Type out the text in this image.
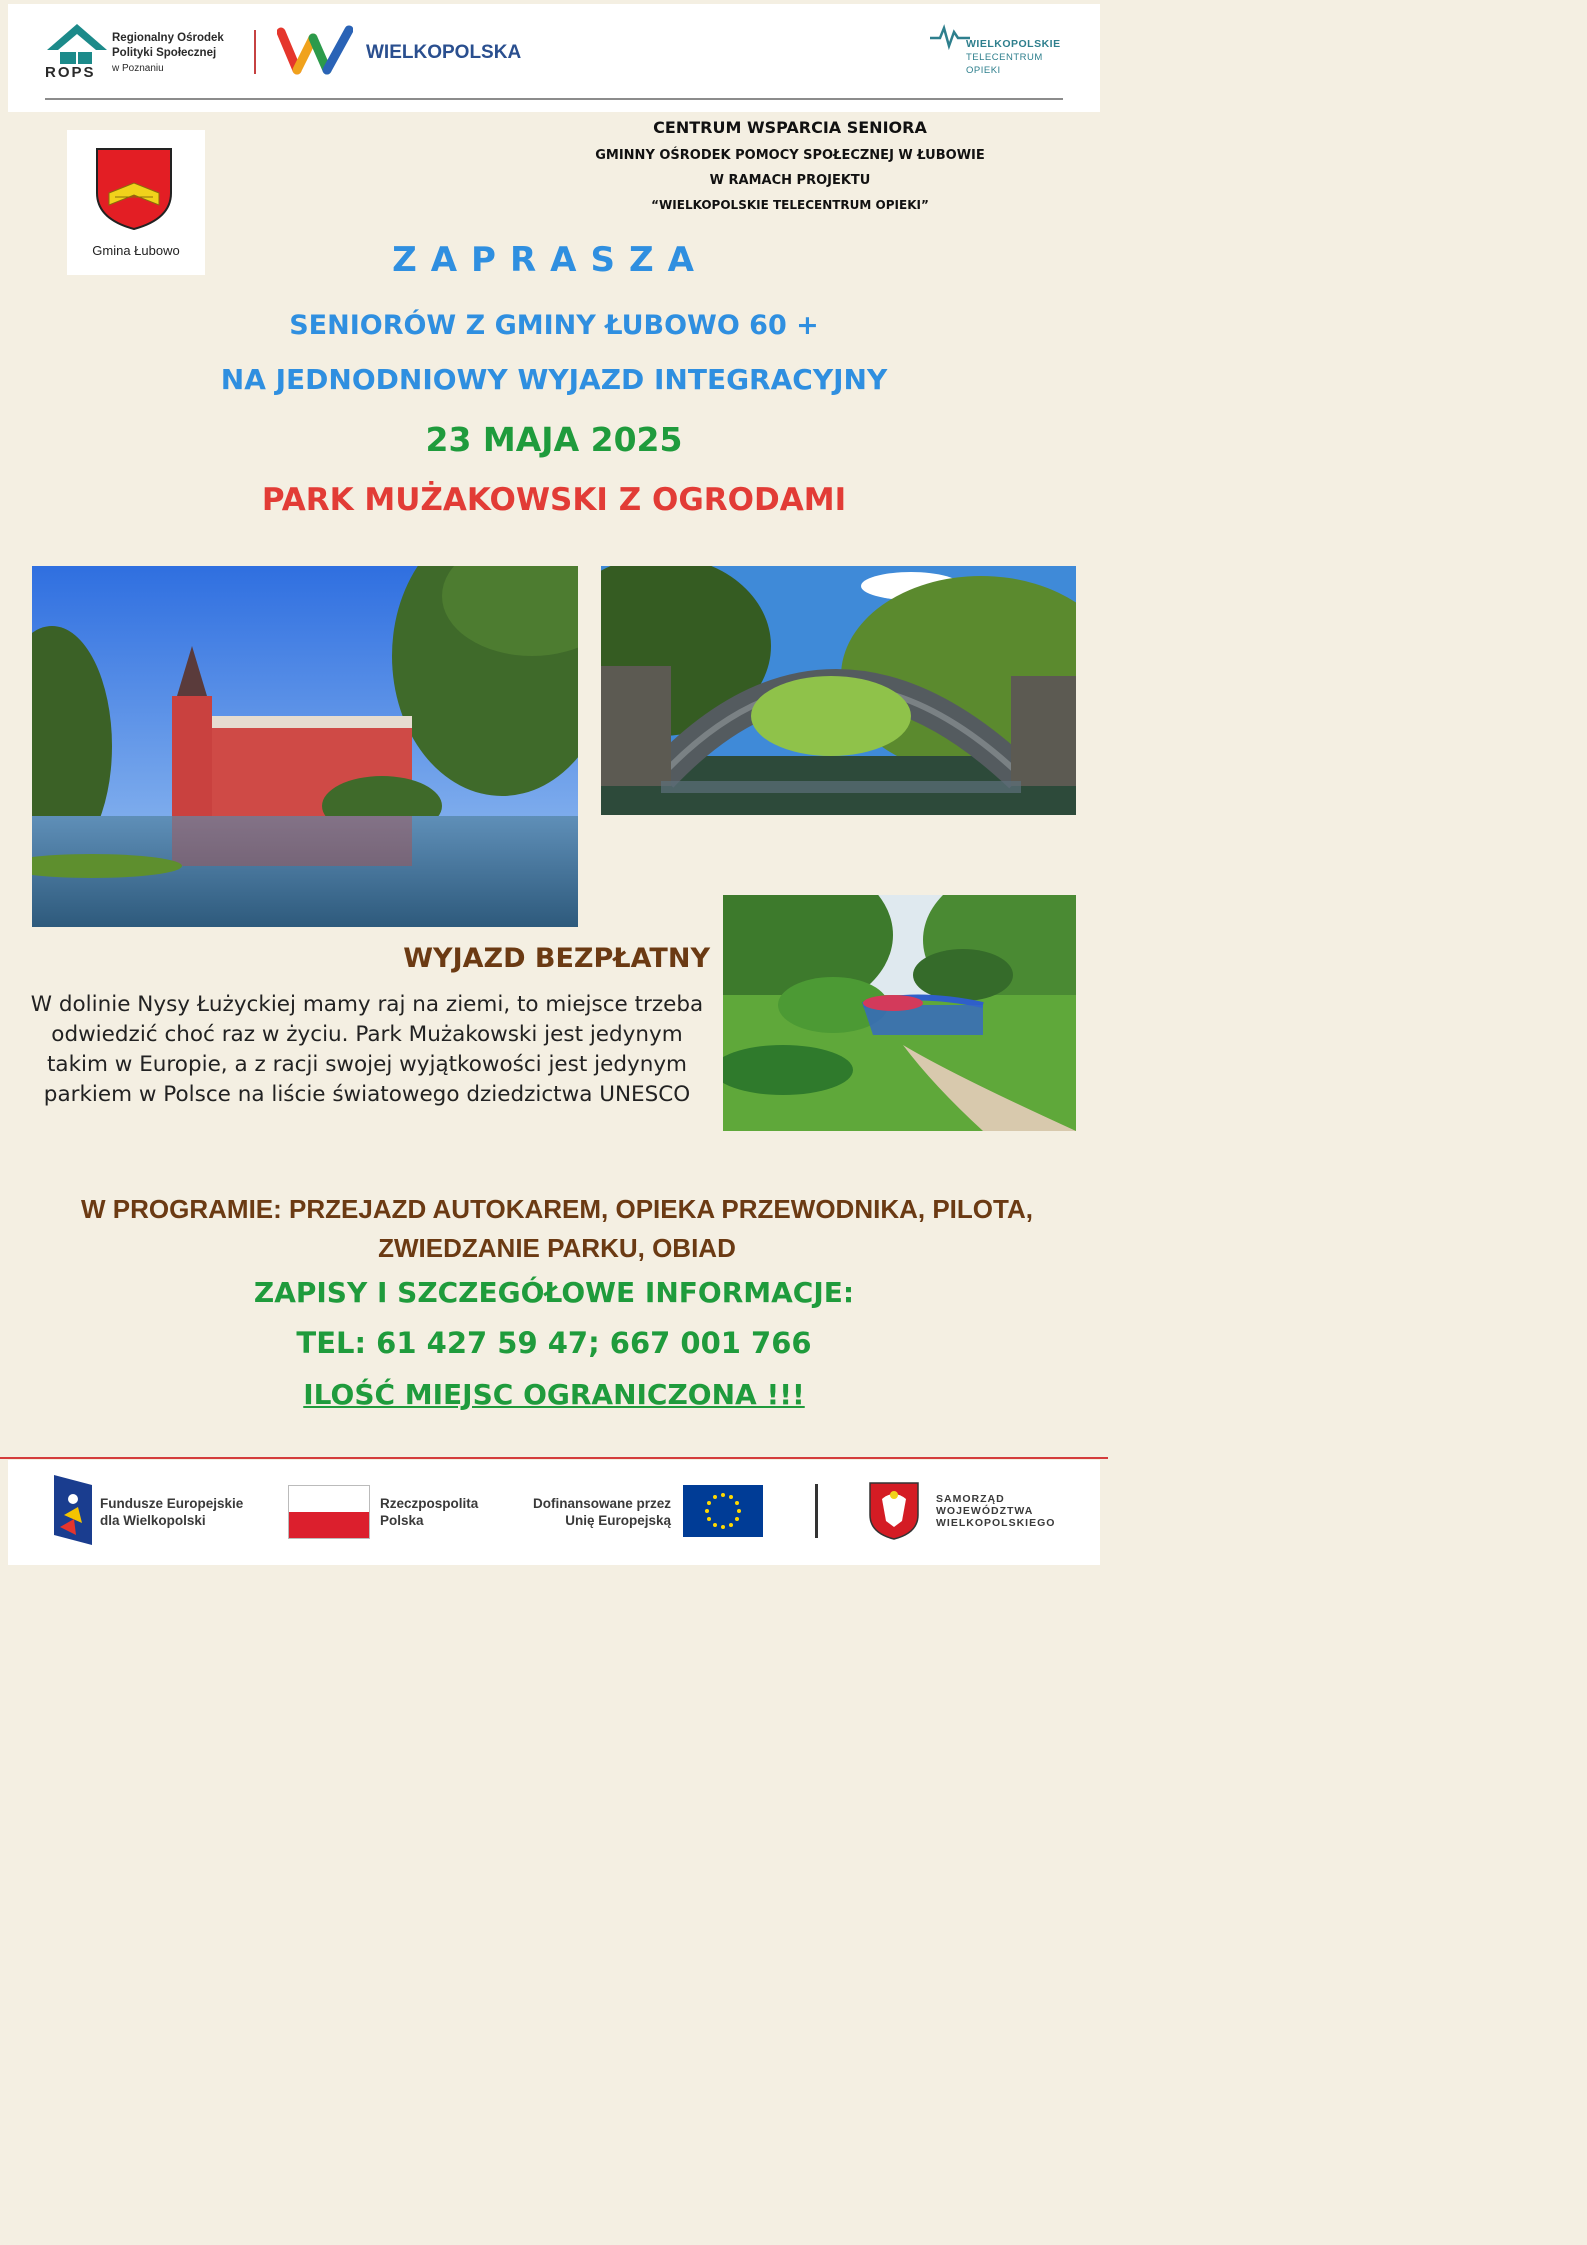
ROPS
Regionalny Ośrodek
Polityki Społecznej
w Poznaniu
WIELKOPOLSKA	WIELKOPOLSKIE
TELECENTRUM
OPIEKI
Gmina Łubowo
CENTRUM WSPARCIA SENIORA
GMINNY OŚRODEK POMOCY SPOŁECZNEJ W ŁUBOWIE
W RAMACH PROJEKTU
“WIELKOPOLSKIE TELECENTRUM OPIEKI”
ZAPRASZA
SENIORÓW Z GMINY ŁUBOWO 60 +
NA JEDNODNIOWY WYJAZD INTEGRACYJNY
23 MAJA 2025
PARK MUŻAKOWSKI Z OGRODAMI
WYJAZD BEZPŁATNY
W dolinie Nysy Łużyckiej mamy raj na ziemi, to miejsce trzeba odwiedzić choć raz w życiu. Park Mużakowski jest jedynym takim w Europie, a z racji swojej wyjątkowości jest jedynym parkiem w Polsce na liście światowego dziedzictwa UNESCO
W PROGRAMIE: PRZEJAZD AUTOKAREM, OPIEKA PRZEWODNIKA, PILOTA, ZWIEDZANIE PARKU, OBIAD
ZAPISY I SZCZEGÓŁOWE INFORMACJE:
TEL: 61 427 59 47; 667 001 766
ILOŚĆ MIEJSC OGRANICZONA !!!
Fundusze Europejskie
dla Wielkopolski
Rzeczpospolita
Polska
Dofinansowane przez
Unię Europejską
SAMORZĄD
WOJEWÓDZTWA
WIELKOPOLSKIEGO
